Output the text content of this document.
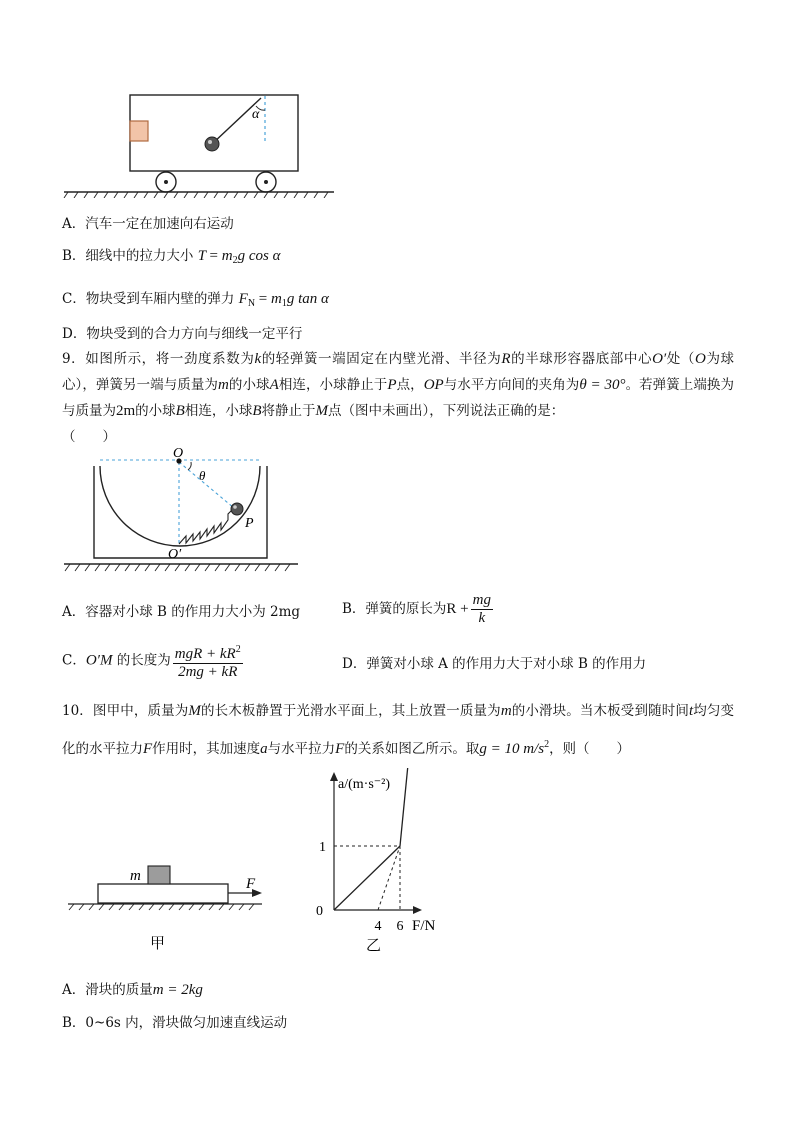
α
A．汽车一定在加速向右运动
B．细线中的拉力大小 $T = m_2g$ cos α
C．物块受到车厢内壁的弹力 $F_N = m_1g$ tan α
D．物块受到的合力方向与细线一定平行
9．如图所示，将一劲度系数为k的轻弹簧一端固定在内壁光滑、半径为R的半球形容器底部中心O′处（O为球心），弹簧另一端与质量为m的小球A相连，小球静止于P点，OP与水平方向间的夹角为θ = 30°。若弹簧上端换为与质量为2m的小球B相连，小球B将静止于M点（图中未画出），下列说法正确的是：
（　　）
O
θ
P
O′
A．容器对小球 B 的作用力大小为 2mg	B．弹簧的原长为$R + \frac{mg}{k}$
C．O′M 的长度为 $\frac{mgR + kR^2}{2mg + kR}$	D．弹簧对小球 A 的作用力大于对小球 B 的作用力
10．图甲中，质量为M的长木板静置于光滑水平面上，其上放置一质量为m的小滑块。当木板受到随时间t均匀变化的水平拉力F作用时，其加速度a与水平拉力F的关系如图乙所示。取g = 10 $m/s^2$，则（　　）
m	F
甲
a/(m·s⁻²)
F/N
0
1
4 6
乙
A．滑块的质量m = 2kg
B．0~6s 内，滑块做匀加速直线运动
